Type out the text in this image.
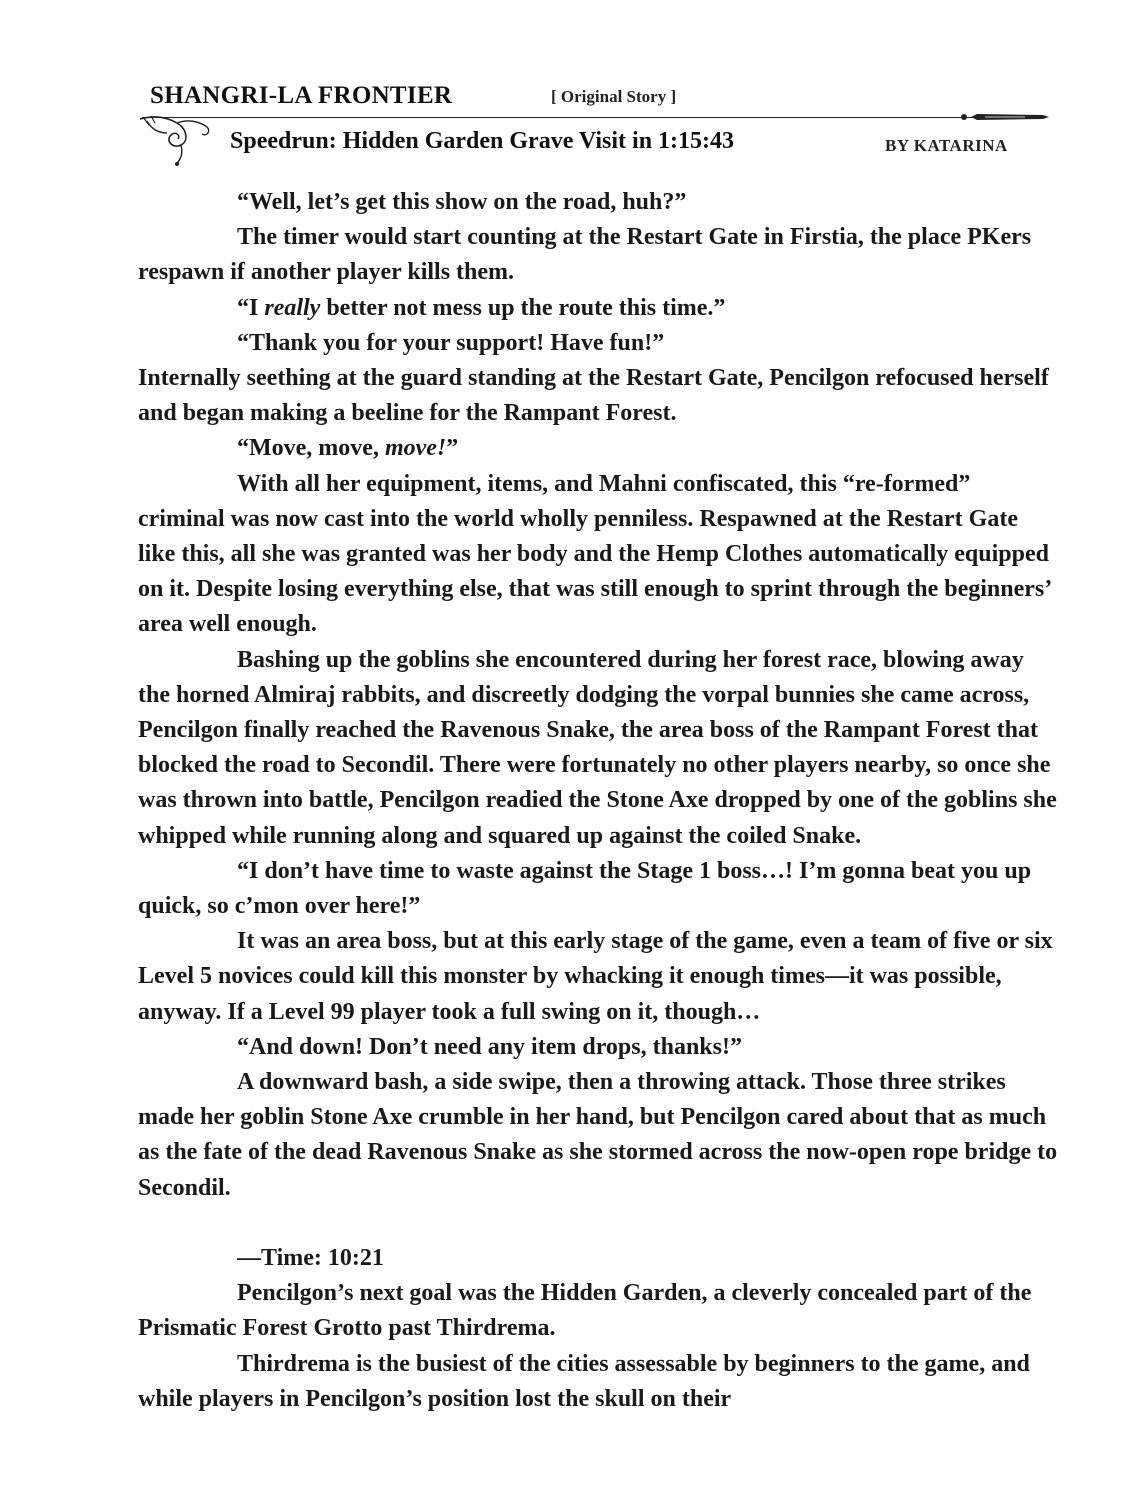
SHANGRI-LA FRONTIER	[ Original Story ]
Speedrun: Hidden Garden Grave Visit in 1:15:43	BY KATARINA

“Well, let’s get this show on the road, huh?”

The timer would start counting at the Restart Gate in Firstia, the place PKers respawn if another player kills them.

“I really better not mess up the route this time.”

“Thank you for your support! Have fun!”

Internally seething at the guard standing at the Restart Gate, Pencilgon refocused herself and began making a beeline for the Rampant Forest.

“Move, move, move!”

With all her equipment, items, and Mahni confiscated, this “re-formed” criminal was now cast into the world wholly penniless. Respawned at the Restart Gate like this, all she was granted was her body and the Hemp Clothes automatically equipped on it. Despite losing everything else, that was still enough to sprint through the beginners’ area well enough.

Bashing up the goblins she encountered during her forest race, blowing away the horned Almiraj rabbits, and discreetly dodging the vorpal bunnies she came across, Pencilgon finally reached the Ravenous Snake, the area boss of the Rampant Forest that blocked the road to Secondil. There were fortunately no other players nearby, so once she was thrown into battle, Pencilgon readied the Stone Axe dropped by one of the goblins she whipped while running along and squared up against the coiled Snake.

“I don’t have time to waste against the Stage 1 boss…! I’m gonna beat you up quick, so c’mon over here!”

It was an area boss, but at this early stage of the game, even a team of five or six Level 5 novices could kill this monster by whacking it enough times—it was possible, anyway. If a Level 99 player took a full swing on it, though…

“And down! Don’t need any item drops, thanks!”

A downward bash, a side swipe, then a throwing attack. Those three strikes made her goblin Stone Axe crumble in her hand, but Pencilgon cared about that as much as the fate of the dead Ravenous Snake as she stormed across the now-open rope bridge to Secondil.

—Time: 10:21

Pencilgon’s next goal was the Hidden Garden, a cleverly concealed part of the Prismatic Forest Grotto past Thirdrema.

Thirdrema is the busiest of the cities assessable by beginners to the game, and while players in Pencilgon’s position lost the skull on their
